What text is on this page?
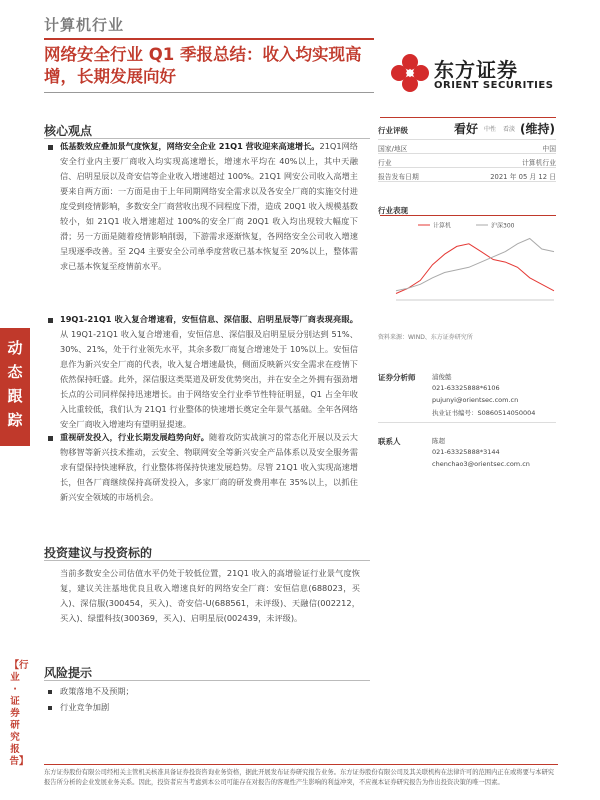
计算机行业
网络安全行业 Q1 季报总结：收入均实现高增，长期发展向好	东方证券
ORIENT SECURITIES
动态跟踪
【行业·证券研究报告】
核心观点

低基数效应叠加景气度恢复，网络安全企业 21Q1 营收迎来高速增长。21Q1网络安全行业内主要厂商收入均实现高速增长，增速水平均在 40%以上，其中天融信、启明星辰以及奇安信等企业收入增速超过 100%。21Q1 网安公司收入高增主要来自两方面：一方面是由于上年同期网络安全需求以及各安全厂商的实施交付进度受到疫情影响，多数安全厂商营收出现不同程度下滑，造成 20Q1 收入规模基数较小，如 21Q1 收入增速超过 100%的安全厂商 20Q1 收入均出现较大幅度下滑；另一方面是随着疫情影响削弱，下游需求逐渐恢复，各网络安全公司收入增速呈现逐季改善。至 2Q4 主要安全公司单季度营收已基本恢复至 20%以上，整体需求已基本恢复至疫情前水平。

19Q1-21Q1 收入复合增速看，安恒信息、深信服、启明星辰等厂商表现亮眼。从 19Q1-21Q1 收入复合增速看，安恒信息、深信服及启明星辰分别达到 51%、30%、21%，处于行业领先水平，其余多数厂商复合增速处于 10%以上。安恒信息作为新兴安全厂商的代表，收入复合增速最快，侧面反映新兴安全需求在疫情下依然保持旺盛。此外，深信服这类渠道及研发优势突出，并在安全之外拥有强劲增长点的公司同样保持迅速增长。由于网络安全行业季节性特征明显，Q1 占全年收入比重较低，我们认为 21Q1 行业整体的快速增长奠定全年景气基础。全年各网络安全厂商收入增速均有望明显提速。

重视研发投入，行业长期发展趋势向好。随着攻防实战演习的常态化开展以及云大物移智等新兴技术推动，云安全、物联网安全等新兴安全产品体系以及安全服务需求有望保持快速释放，行业整体将保持快速发展趋势。尽管 21Q1 收入实现高速增长，但各厂商继续保持高研发投入，多家厂商的研发费用率在 35%以上，以抓住新兴安全领域的市场机会。

投资建议与投资标的

当前多数安全公司估值水平仍处于较低位置，21Q1 收入的高增验证行业景气度恢复，建议关注基地优良且收入增速良好的网络安全厂商：安恒信息(688023，买入)、深信服(300454，买入)、奇安信-U(688561，未评级)、天融信(002212，买入)、绿盟科技(300369，买入)、启明星辰(002439，未评级)。

风险提示
政策落地不及预期；
行业竞争加剧
行业评级	看好 中性 看淡 (维持)
国家/地区	中国
行业	计算机行业
报告发布日期	2021 年 05 月 12 日
行业表现
计算机	沪深300
资料来源：WIND、东方证券研究所
证券分析师	浦俊懿
021-63325888*6106
pujunyi@orientsec.com.cn
执业证书编号：S0860514050004
联系人	陈超
021-63325888*3144
chenchao3@orientsec.com.cn

东方证券股份有限公司经相关主管机关核准具备证券投资咨询业务资格，据此开展发布证券研究报告业务。东方证券股份有限公司及其关联机构在法律许可的范围内正在或将要与本研究报告所分析的企业发展业务关系。因此，投资者应当考虑到本公司可能存在对报告的客观性产生影响的利益冲突，不应视本证券研究报告为作出投资决策的唯一因素。
